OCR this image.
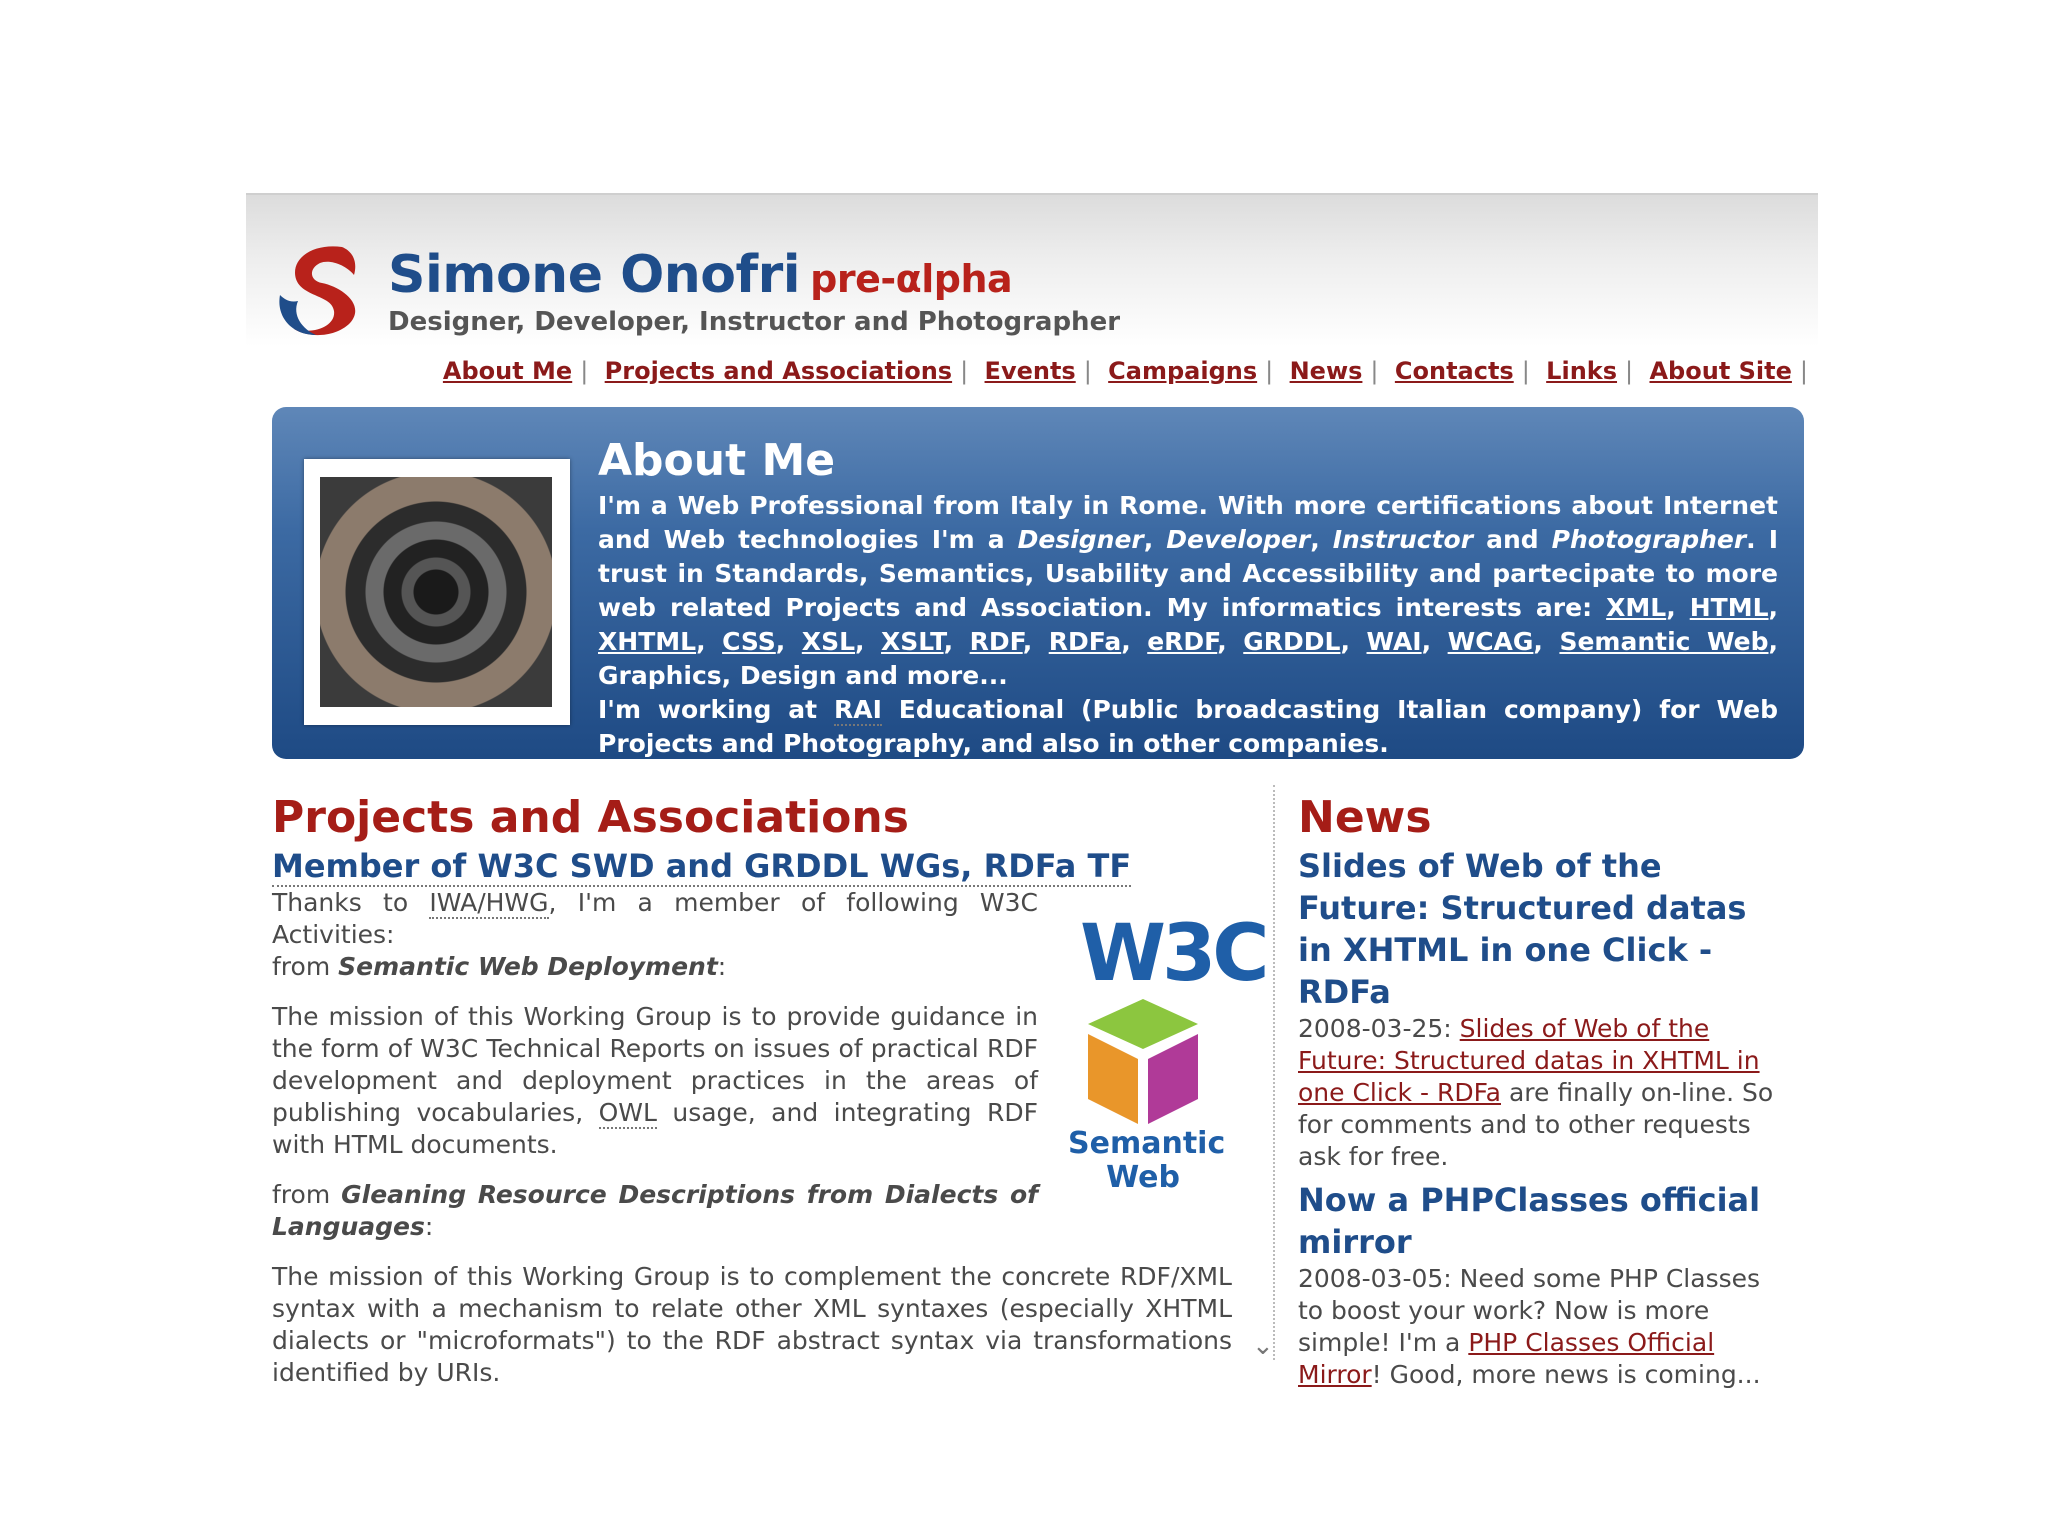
Simone Onofri pre-αlpha
Designer, Developer, Instructor and Photographer
About Me | Projects and Associations | Events | Campaigns | News | Contacts | Links | About Site |
About Me
I'm a Web Professional from Italy in Rome. With more certifications about Internet and Web technologies I'm a Designer, Developer, Instructor and Photographer. I trust in Standards, Semantics, Usability and Accessibility and partecipate to more web related Projects and Association. My informatics interests are: XML, HTML, XHTML, CSS, XSL, XSLT, RDF, RDFa, eRDF, GRDDL, WAI, WCAG, Semantic Web, Graphics, Design and more...
I'm working at RAI Educational (Public broadcasting Italian company) for Web Projects and Photography, and also in other companies.
Projects and Associations
Member of W3C SWD and GRDDL WGs, RDFa TF

Thanks to IWA/HWG, I'm a member of following W3C Activities:
from Semantic Web Deployment:

The mission of this Working Group is to provide guidance in the form of W3C Technical Reports on issues of practical RDF development and deployment practices in the areas of publishing vocabularies, OWL usage, and integrating RDF with HTML documents.

from Gleaning Resource Descriptions from Dialects of Languages:

The mission of this Working Group is to complement the concrete RDF/XML syntax with a mechanism to relate other XML syntaxes (especially XHTML dialects or "microformats") to the RDF abstract syntax via transformations identified by URIs.
W3C
Semantic Web
News
Slides of Web of the Future: Structured datas in XHTML in one Click - RDFa

2008-03-25: Slides of Web of the Future: Structured datas in XHTML in one Click - RDFa are finally on-line. So for comments and to other requests ask for free.

Now a PHPClasses official mirror

2008-03-05: Need some PHP Classes to boost your work? Now is more simple! I'm a PHP Classes Official Mirror! Good, more news is coming...

⌄
